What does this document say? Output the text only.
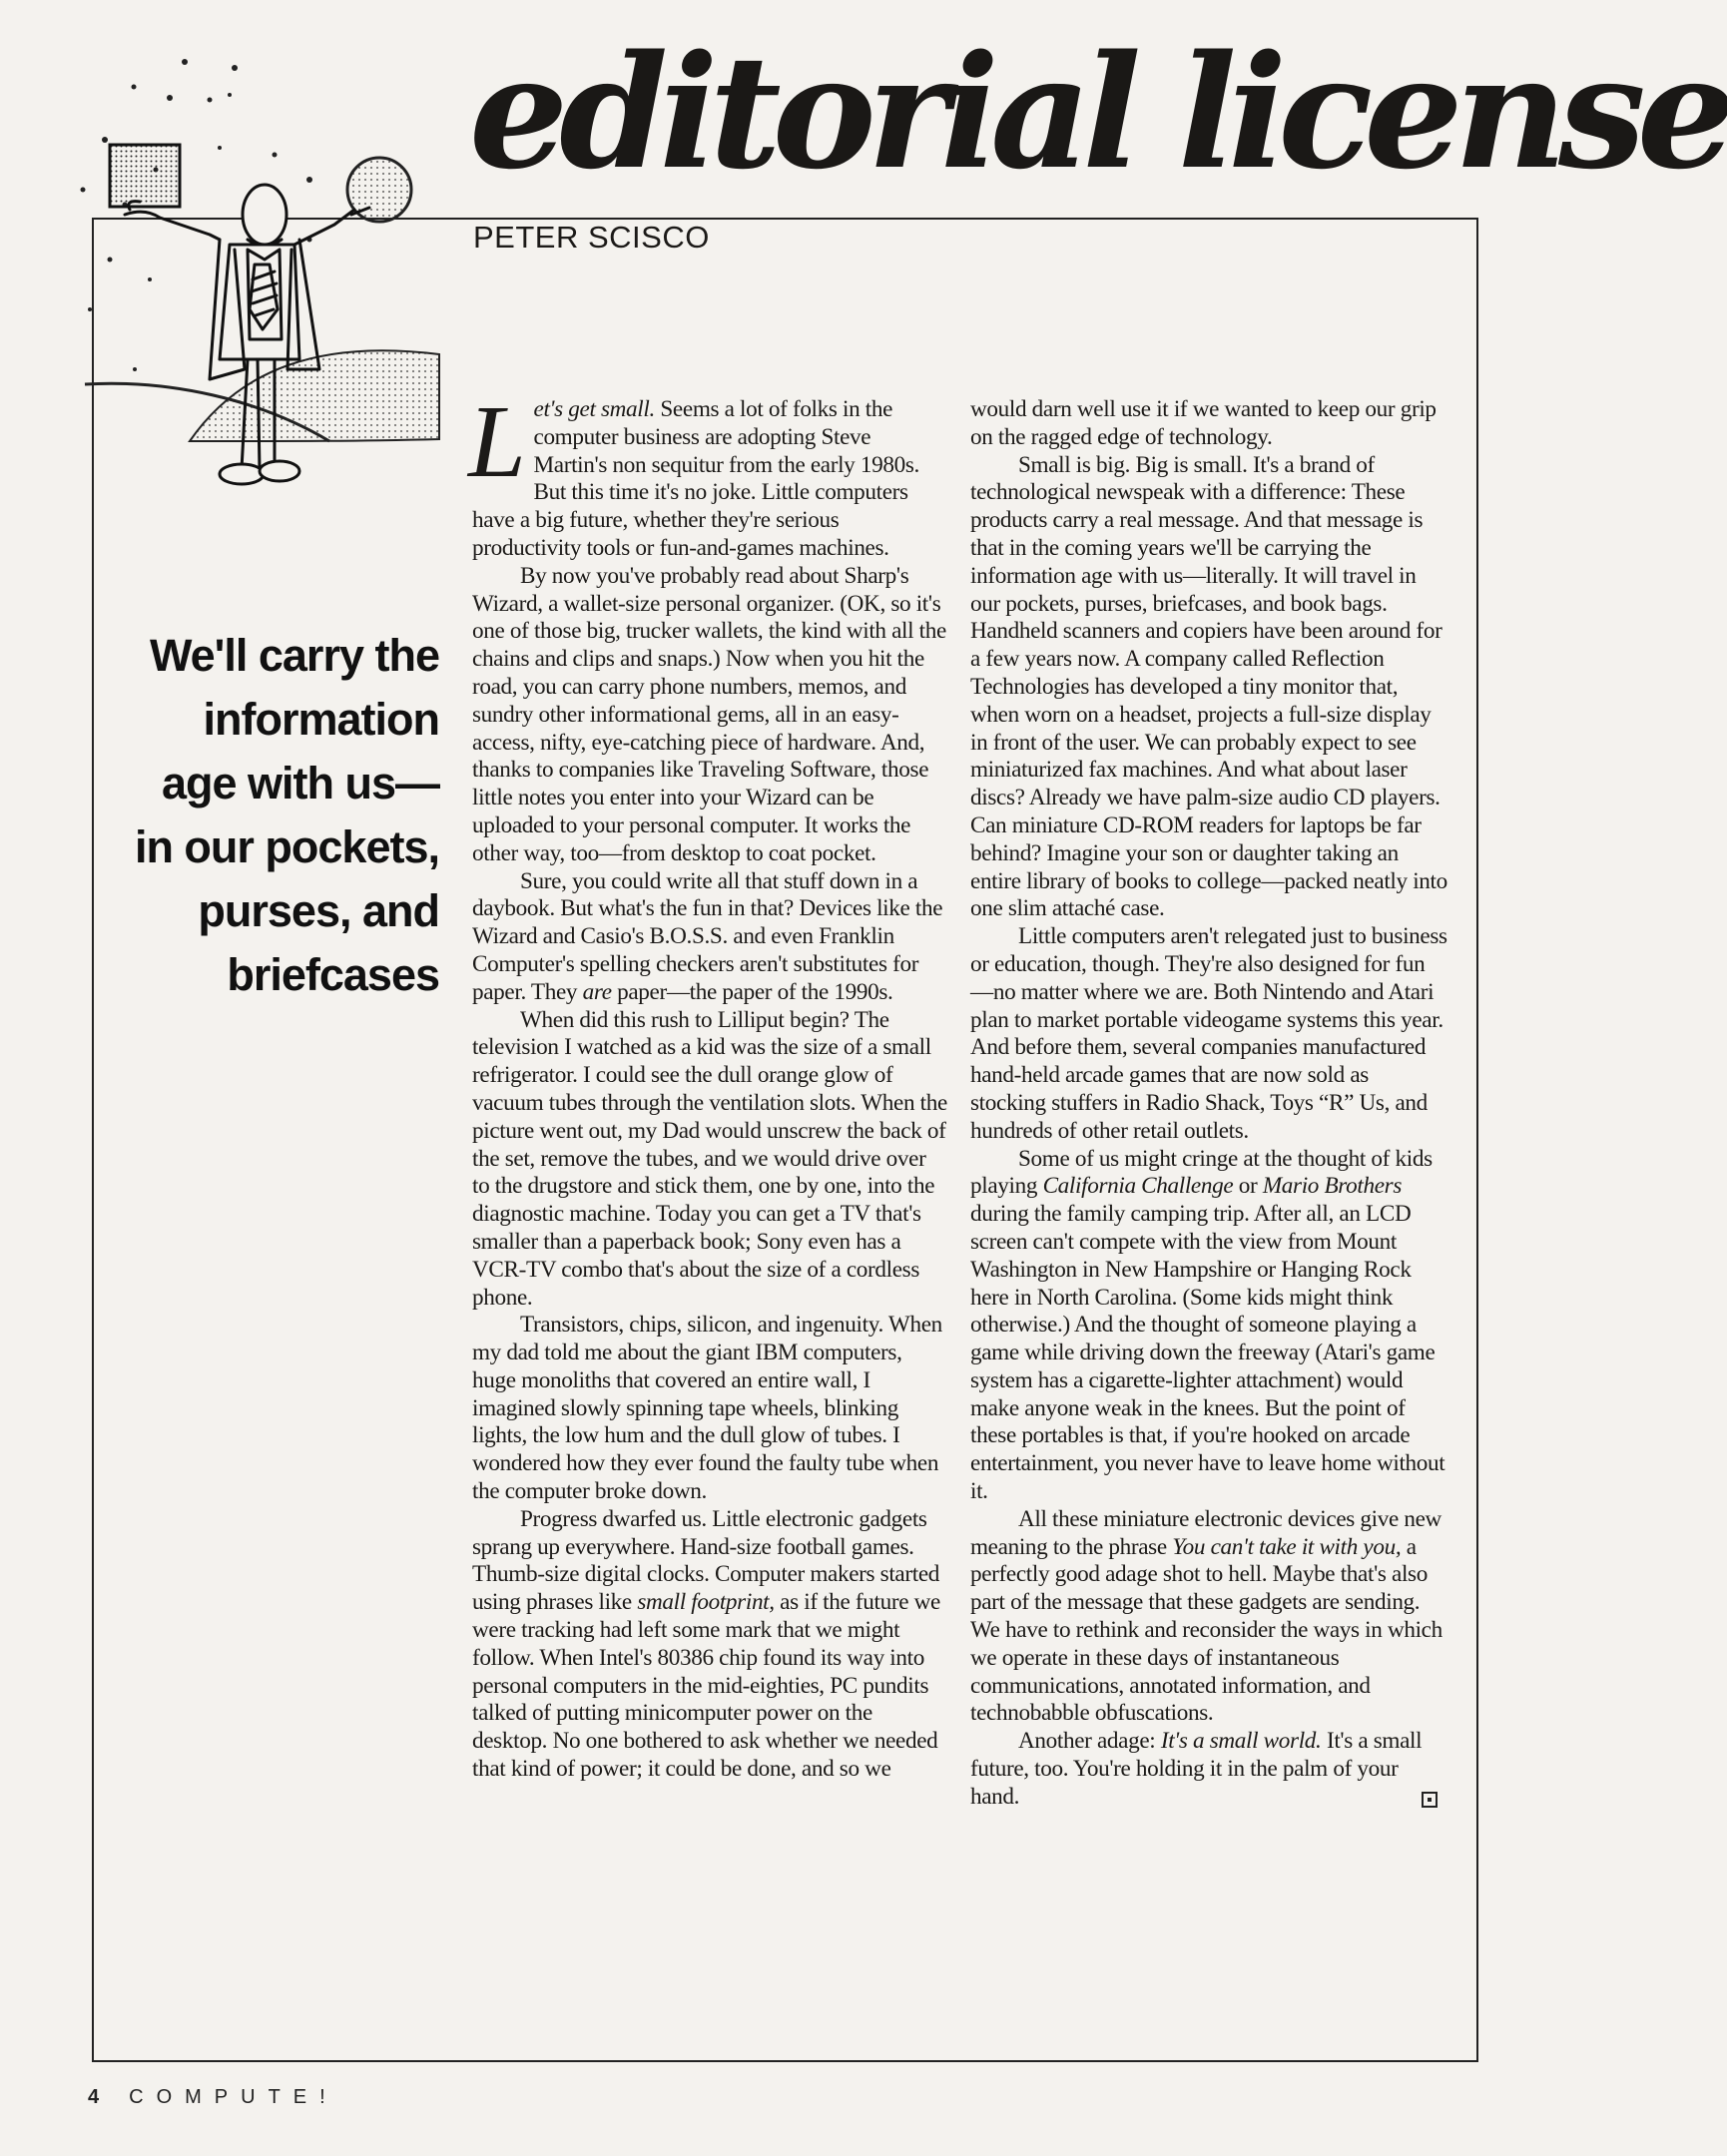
editorial license
PETER SCISCO
We'll carry the
information
age with us—
in our pockets,
purses, and
briefcases

Let's get small. Seems a lot of folks in the computer business are adopting Steve Martin's non sequitur from the early 1980s. But this time it's no joke. Little computers have a big future, whether they're serious productivity tools or fun-and-games machines.

By now you've probably read about Sharp's Wizard, a wallet-size personal organizer. (OK, so it's one of those big, trucker wallets, the kind with all the chains and clips and snaps.) Now when you hit the road, you can carry phone numbers, memos, and sundry other informational gems, all in an easy-access, nifty, eye-catching piece of hardware. And, thanks to companies like Traveling Software, those little notes you enter into your Wizard can be uploaded to your personal computer. It works the other way, too—from desktop to coat pocket.

Sure, you could write all that stuff down in a daybook. But what's the fun in that? Devices like the Wizard and Casio's B.O.S.S. and even Franklin Computer's spelling checkers aren't substitutes for paper. They are paper—the paper of the 1990s.

When did this rush to Lilliput begin? The television I watched as a kid was the size of a small refrigerator. I could see the dull orange glow of vacuum tubes through the ventilation slots. When the picture went out, my Dad would unscrew the back of the set, remove the tubes, and we would drive over to the drugstore and stick them, one by one, into the diagnostic machine. Today you can get a TV that's smaller than a paperback book; Sony even has a VCR-TV combo that's about the size of a cordless phone.

Transistors, chips, silicon, and ingenuity. When my dad told me about the giant IBM computers, huge monoliths that covered an entire wall, I imagined slowly spinning tape wheels, blinking lights, the low hum and the dull glow of tubes. I wondered how they ever found the faulty tube when the computer broke down.

Progress dwarfed us. Little electronic gadgets sprang up everywhere. Hand-size football games. Thumb-size digital clocks. Computer makers started using phrases like small footprint, as if the future we were tracking had left some mark that we might follow. When Intel's 80386 chip found its way into personal computers in the mid-eighties, PC pundits talked of putting minicomputer power on the desktop. No one bothered to ask whether we needed that kind of power; it could be done, and so we

would darn well use it if we wanted to keep our grip on the ragged edge of technology.

Small is big. Big is small. It's a brand of technological newspeak with a difference: These products carry a real message. And that message is that in the coming years we'll be carrying the information age with us—literally. It will travel in our pockets, purses, briefcases, and book bags. Handheld scanners and copiers have been around for a few years now. A company called Reflection Technologies has developed a tiny monitor that, when worn on a headset, projects a full-size display in front of the user. We can probably expect to see miniaturized fax machines. And what about laser discs? Already we have palm-size audio CD players. Can miniature CD-ROM readers for laptops be far behind? Imagine your son or daughter taking an entire library of books to college—packed neatly into one slim attaché case.

Little computers aren't relegated just to business or education, though. They're also designed for fun—no matter where we are. Both Nintendo and Atari plan to market portable videogame systems this year. And before them, several companies manufactured hand-held arcade games that are now sold as stocking stuffers in Radio Shack, Toys “R” Us, and hundreds of other retail outlets.

Some of us might cringe at the thought of kids playing California Challenge or Mario Brothers during the family camping trip. After all, an LCD screen can't compete with the view from Mount Washington in New Hampshire or Hanging Rock here in North Carolina. (Some kids might think otherwise.) And the thought of someone playing a game while driving down the freeway (Atari's game system has a cigarette-lighter attachment) would make anyone weak in the knees. But the point of these portables is that, if you're hooked on arcade entertainment, you never have to leave home without it.

All these miniature electronic devices give new meaning to the phrase You can't take it with you, a perfectly good adage shot to hell. Maybe that's also part of the message that these gadgets are sending. We have to rethink and reconsider the ways in which we operate in these days of instantaneous communications, annotated information, and technobabble obfuscations.

Another adage: It's a small world. It's a small future, too. You're holding it in the palm of your hand.

4 COMPUTE!
